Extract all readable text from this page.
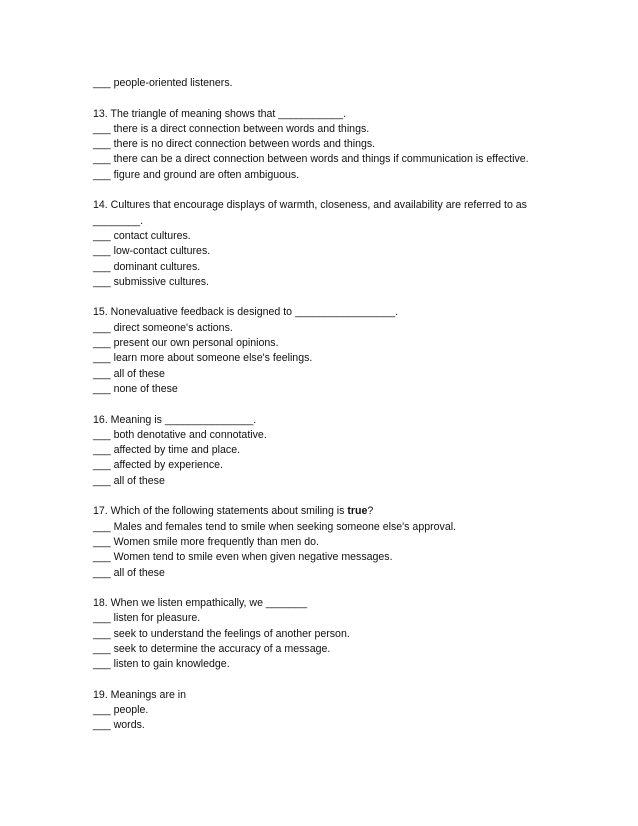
___ people-oriented listeners.
13. The triangle of meaning shows that ___________.
___ there is a direct connection between words and things.
___ there is no direct connection between words and things.
___ there can be a direct connection between words and things if communication is effective.
___ figure and ground are often ambiguous.
14. Cultures that encourage displays of warmth, closeness, and availability are referred to as ________.
___ contact cultures.
___ low-contact cultures.
___ dominant cultures.
___ submissive cultures.
15. Nonevaluative feedback is designed to _________________.
___ direct someone's actions.
___ present our own personal opinions.
___ learn more about someone else's feelings.
___ all of these
___ none of these
16. Meaning is _______________.
___ both denotative and connotative.
___ affected by time and place.
___ affected by experience.
___ all of these
17. Which of the following statements about smiling is true?
___ Males and females tend to smile when seeking someone else's approval.
___ Women smile more frequently than men do.
___ Women tend to smile even when given negative messages.
___ all of these
18. When we listen empathically, we _______
___ listen for pleasure.
___ seek to understand the feelings of another person.
___ seek to determine the accuracy of a message.
___ listen to gain knowledge.
19. Meanings are in
___ people.
___ words.
